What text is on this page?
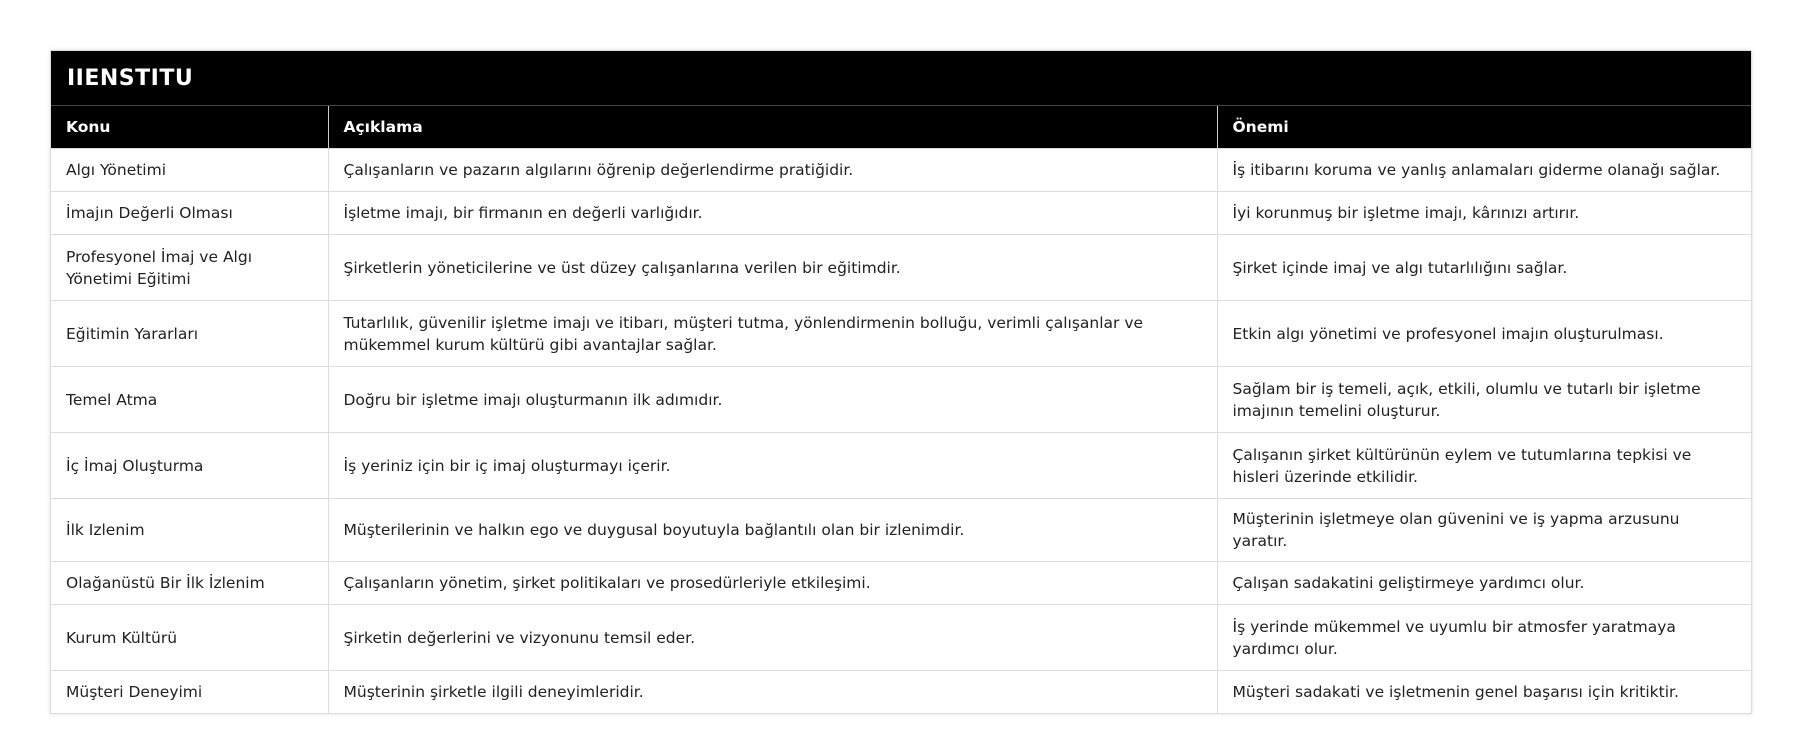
IIENSTITU
Konu	Açıklama	Önemi
Algı Yönetimi	Çalışanların ve pazarın algılarını öğrenip değerlendirme pratiğidir.	İş itibarını koruma ve yanlış anlamaları giderme olanağı sağlar.
İmajın Değerli Olması	İşletme imajı, bir firmanın en değerli varlığıdır.	İyi korunmuş bir işletme imajı, kârınızı artırır.
Profesyonel İmaj ve Algı Yönetimi Eğitimi	Şirketlerin yöneticilerine ve üst düzey çalışanlarına verilen bir eğitimdir.	Şirket içinde imaj ve algı tutarlılığını sağlar.
Eğitimin Yararları	Tutarlılık, güvenilir işletme imajı ve itibarı, müşteri tutma, yönlendirmenin bolluğu, verimli çalışanlar ve mükemmel kurum kültürü gibi avantajlar sağlar.	Etkin algı yönetimi ve profesyonel imajın oluşturulması.
Temel Atma	Doğru bir işletme imajı oluşturmanın ilk adımıdır.	Sağlam bir iş temeli, açık, etkili, olumlu ve tutarlı bir işletme imajının temelini oluşturur.
İç İmaj Oluşturma	İş yeriniz için bir iç imaj oluşturmayı içerir.	Çalışanın şirket kültürünün eylem ve tutumlarına tepkisi ve hisleri üzerinde etkilidir.
İlk Izlenim	Müşterilerinin ve halkın ego ve duygusal boyutuyla bağlantılı olan bir izlenimdir.	Müşterinin işletmeye olan güvenini ve iş yapma arzusunu yaratır.
Olağanüstü Bir İlk İzlenim	Çalışanların yönetim, şirket politikaları ve prosedürleriyle etkileşimi.	Çalışan sadakatini geliştirmeye yardımcı olur.
Kurum Kültürü	Şirketin değerlerini ve vizyonunu temsil eder.	İş yerinde mükemmel ve uyumlu bir atmosfer yaratmaya yardımcı olur.
Müşteri Deneyimi	Müşterinin şirketle ilgili deneyimleridir.	Müşteri sadakati ve işletmenin genel başarısı için kritiktir.
